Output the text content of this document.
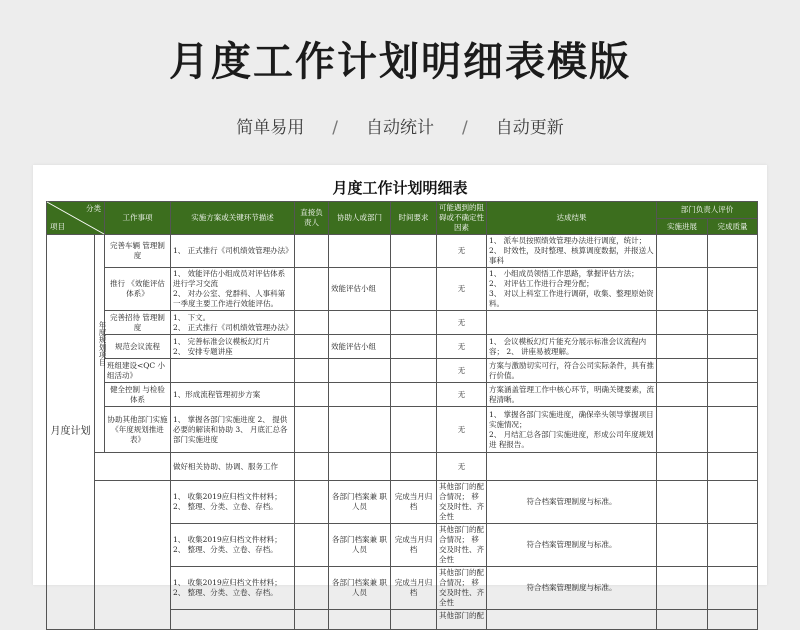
月度工作计划明细表模版
简单易用 / 自动统计 / 自动更新
月度工作计划明细表
分类
项目		工作事项	实施方案或关键环节描述	直接负责人	协助人或部门	时间要求	可能遇到的阻碍或不确定性因素	达成结果	部门负责人评价	
									实施进展	完成质量
月度计划	年度规划项目	完善车辆 管理制度	1、 正式推行《司机绩效管理办法》				无	1、 派车员按照绩效管理办法进行调度，统计；
2、 时效性，及时整理、核算调度数据，并报送人事科		
		推行 《效能评估体系》	1、 效能评估小组成员对评估体系进行学习交流
2、 对办公室、党群科、人事科第一季度主要工作进行效能评估。		效能评估小组		无	1、 小组成员领悟工作思路，掌握评估方法；
2、 对评估工作进行合理分配；
3、 对以上科室工作进行调研，收集、整理原始资料。		
		完善招待 管理制度	1、 下文。
2、 正式推行《司机绩效管理办法》				无			
		规范会议流程	1、 完善标准会议模板幻灯片
2、 安排专题讲座		效能评估小组		无	1、 会议模板幻灯片能充分展示标准会议流程内容； 2、 讲座易被理解。		
		班组建设<QC 小组活动》					无	方案与激励切实可行，符合公司实际条件，具有推行价值。		
		健全控制 与检验体系	1、形成流程管理初步方案				无	方案涵盖管理工作中核心环节，明确关键要素，流程清晰。		
		协助其他部门实施《年度规划推进表》	1、 掌握各部门实施进度 2、 提供必要的解读和协助 3、 月底汇总各部门实施进度				无	1、 掌握各部门实施进度，确保牵头领导掌握项目实施情况；
2、 月结汇总各部门实施进度，形成公司年度规划进 程报告。		
			做好相关协助、协调、服务工作				无			
			1、 收集2019应归档文件材料；
2、 整理、分类、立卷、存档。		各部门档案兼 职人员	完成当月归档	其他部门的配合情况； 移交及时性、齐全性	符合档案管理制度与标准。		
			1、 收集2019应归档文件材料；
2、 整理、分类、立卷、存档。		各部门档案兼 职人员	完成当月归档	其他部门的配合情况； 移交及时性、齐全性	符合档案管理制度与标准。		
			1、 收集2019应归档文件材料；
2、 整理、分类、立卷、存档。		各部门档案兼 职人员	完成当月归档	其他部门的配合情况； 移交及时性、齐全性	符合档案管理制度与标准。		
							其他部门的配			
